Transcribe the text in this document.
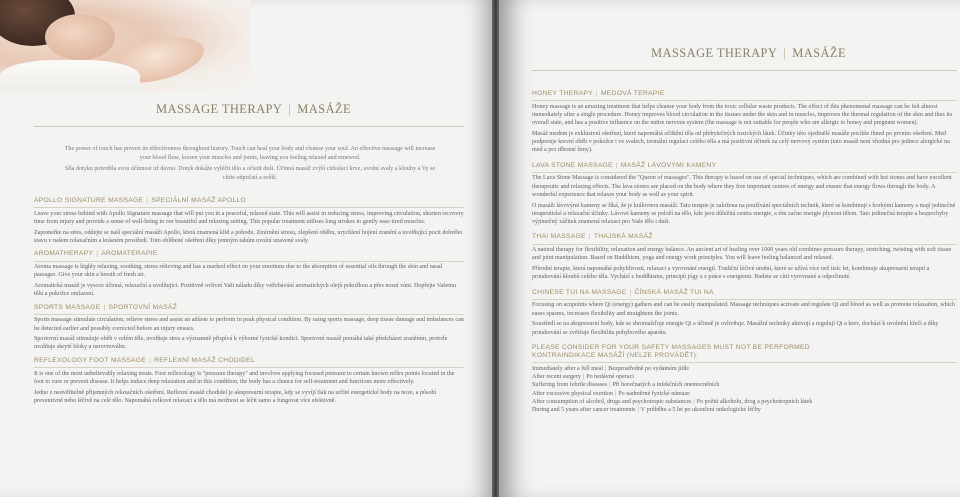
MASSAGE THERAPY | MASÁŽE

The power of touch has proven its effectiveness throughout history. Touch can heal your body and cleanse your soul. An effective massage will increase your blood flow, loosen your muscles and joints, leaving you feeling relaxed and renewed.

Síla dotyku potvrdila svou účinnost už dávno. Dotyk dokáže vyléčit tělo a očistit duši. Účinná masáž zvýší cirkulaci krve, uvolní svaly a klouby a Vy se cítíte odpočatí a svěží.

APOLLO SIGNATURE MASSAGE | SPECIÁLNÍ MASÁŽ APOLLO
Leave your stress behind with Apollo Signature massage that will put you in a peaceful, relaxed state. This will assist in reducing stress, improving circulation, shorten recovery time from injury and provide a sense of well-being in our beautiful and relaxing setting. This popular treatment utilises long strokes to gently ease tired muscles.
Zapomeňte na stres, oddejte se naší speciální masáži Apollo, která znamená klid a pohodu. Zmírnění stresu, zlepšení oběhu, urychlení hojení zranění a uvolňující pocit dobrého stavu v našem relaxačním a krásném prostředí. Toto oblíbené ošetření díky jemným tahům uvolní unavené svaly.
AROMATHERAPY | AROMATERAPIE
Aroma massage is highly relaxing, soothing, stress relieving and has a marked effect on your emotions due to the absorption of essential oils through the skin and nasal passages. Give your skin a breath of fresh air.
Aromatická masáž je vysoce účinná, relaxační a uvolňující. Pozitivně ovlivní Vaši náladu díky vstřebávání aromatických olejů pokožkou a přes nosní vůni. Dopřejte Vašemu tělu a pokožce omlazení.
SPORTS MASSAGE | SPORTOVNÍ MASÁŽ
Sports massage stimulate circulation, relieve stress and assist an athlete to perform in peak physical condition. By using sports massage, deep tissue damage and imbalances can be detected earlier and possibly corrected before an injury ensues.
Sportovní masáž stimuluje oběh v celém těle, uvolňuje stres a významně přispívá k výborné fyzické kondici. Sportovní masáž pomáhá také předcházet zraněním, protože uvolňuje skryté bloky a nerovnováhu.
REFLEXOLOGY FOOT MASSAGE | REFLEXNÍ MASÁŽ CHODIDEL
It is one of the most unbelievably relaxing treats. Foot reflexology is "pressure therapy" and involves applying focused pressure to certain known reflex points located in the foot to cure or prevent disease. It helps induce deep relaxation and in this condition, the body has a chance for self-treatment and functions more effectively.
Jedno z neuvěřitelně příjemných relaxačních ošetření. Reflexní masáž chodidel je akupresurní terapie, kdy se vyvíjí tlak na určité energetické body na noze, a působí preventivně nebo léčivě na celé tělo. Napomáhá celkové relaxaci a tělo má možnost se léčit samo a fungovat více efektivně.
MASSAGE THERAPY | MASÁŽE
HONEY THERAPY | MEDOVÁ TERAPIE
Honey massage is an amazing treatment that helps cleanse your body from the toxic cellular waste products. The effect of this phenomenal massage can be felt almost immediately after a single procedure. Honey improves blood circulation in the tissues under the skin and in muscles, improves the thermal regulation of the skin and thus its overall state, and has a positive influence on the entire nervous system (the massage is not suitable for people who are allergic to honey and pregnant women).
Masáž medem je exklusivní ošetření, které napomáhá očištění těla od přebytečných toxických látek. Účinky této ojedinělé masáže pocítíte ihned po prvním ošetření. Med podporuje krevní oběh v pokožce i ve svalech, termální regulaci celého těla a má pozitivní účinek na celý nervový systém (tato masáž není vhodná pro jedince alergické na med a pro těhotné ženy).
LAVA STONE MASSAGE | MASÁŽ LÁVOVÝMI KAMENY
The Lava Stone Massage is considered the "Queen of massages". This therapy is based on use of special techniques, which are combined with hot stones and have excellent therapeutic and relaxing effects. The lava stones are placed on the body where they free important centres of energy and ensure that energy flows through the body. A wonderful experience that relaxes your body as well as your spirit.
O masáži lávovými kameny se říká, že je královnou masáží. Tato terapie je založena na používání speciálních technik, které se kombinují s horkými kameny a mají jedinečné terapeutické a relaxační účinky. Lávové kameny se položí na tělo, kde jsou důležitá centra energie, a tím začne energie plynout tělem. Tato jedinečná terapie a bezpochyby výjimečný zážitek znamená relaxaci pro Vaše tělo i duši.
THAI MASSAGE | THAJSKÁ MASÁŽ
A natural therapy for flexibility, relaxation and energy balance. An ancient art of healing over 1000 years old combines pressure therapy, stretching, twisting with soft tissue and joint manipulation. Based on Buddhism, yoga and energy work principles. You will leave feeling balanced and relaxed.
Přírodní terapie, která napomáhá pohyblivosti, relaxaci a vyrovnání energií. Tradiční léčivé umění, které se užívá více než tisíc let, kombinuje akupresurní terapii a protahování kloubů celého těla. Vychází z buddhismu, principů jógy a z práce s energiemi. Budete se cítit vyrovnané a odpočinuté.
CHINESE TUI NA MASSAGE | ČÍNSKÁ MASÁŽ TUI NA
Focusing on acupoints where Qi (energy) gathers and can be easily manipulated. Massage techniques activate and regulate Qi and blood as well as promote relaxation, which eases spasms, increases flexibility and straightens the joints.
Soustředí se na akupresurní body, kde se shromažďuje energie Qi a účinně je ovlivňuje. Masážní techniky aktivují a regulují Qi a krev, dochází k uvolnění křečí a díky protahování se zvětšuje flexibilita pohybového aparátu.
PLEASE CONSIDER FOR YOUR SAFETY MASSAGES MUST NOT BE PERFORMED
KONTRAINDIKACE MASÁŽÍ (NELZE PROVÁDĚT):
Immediately after a full meal | Bezprostředně po vydatném jídle
After recent surgery | Po nedávné operaci
Suffering from febrile diseases | Při horečnatých a infekčních onemocněních
After excessive physical exertion | Po nadměrné fyzické námaze
After consumption of alcohol, drugs and psychotropic substances | Po požití alkoholu, drog a psychotropních látek
During and 5 years after cancer treatments | V průběhu a 5 let po ukončení onkologické léčby
